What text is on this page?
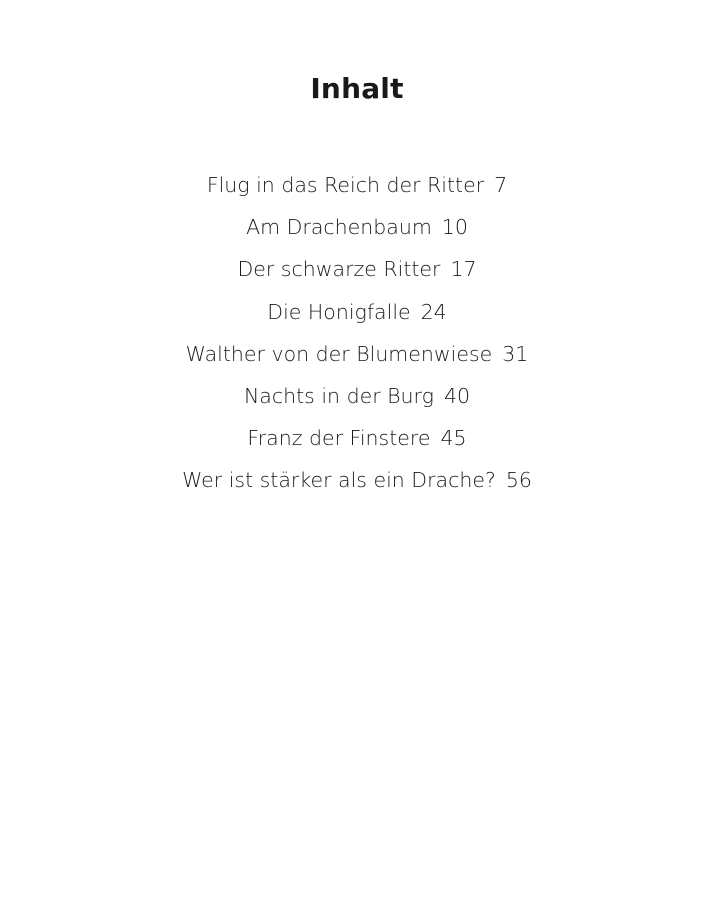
Inhalt
Flug in das Reich der Ritter 7
Am Drachenbaum 10
Der schwarze Ritter 17
Die Honigfalle 24
Walther von der Blumenwiese 31
Nachts in der Burg 40
Franz der Finstere 45
Wer ist stärker als ein Drache? 56
